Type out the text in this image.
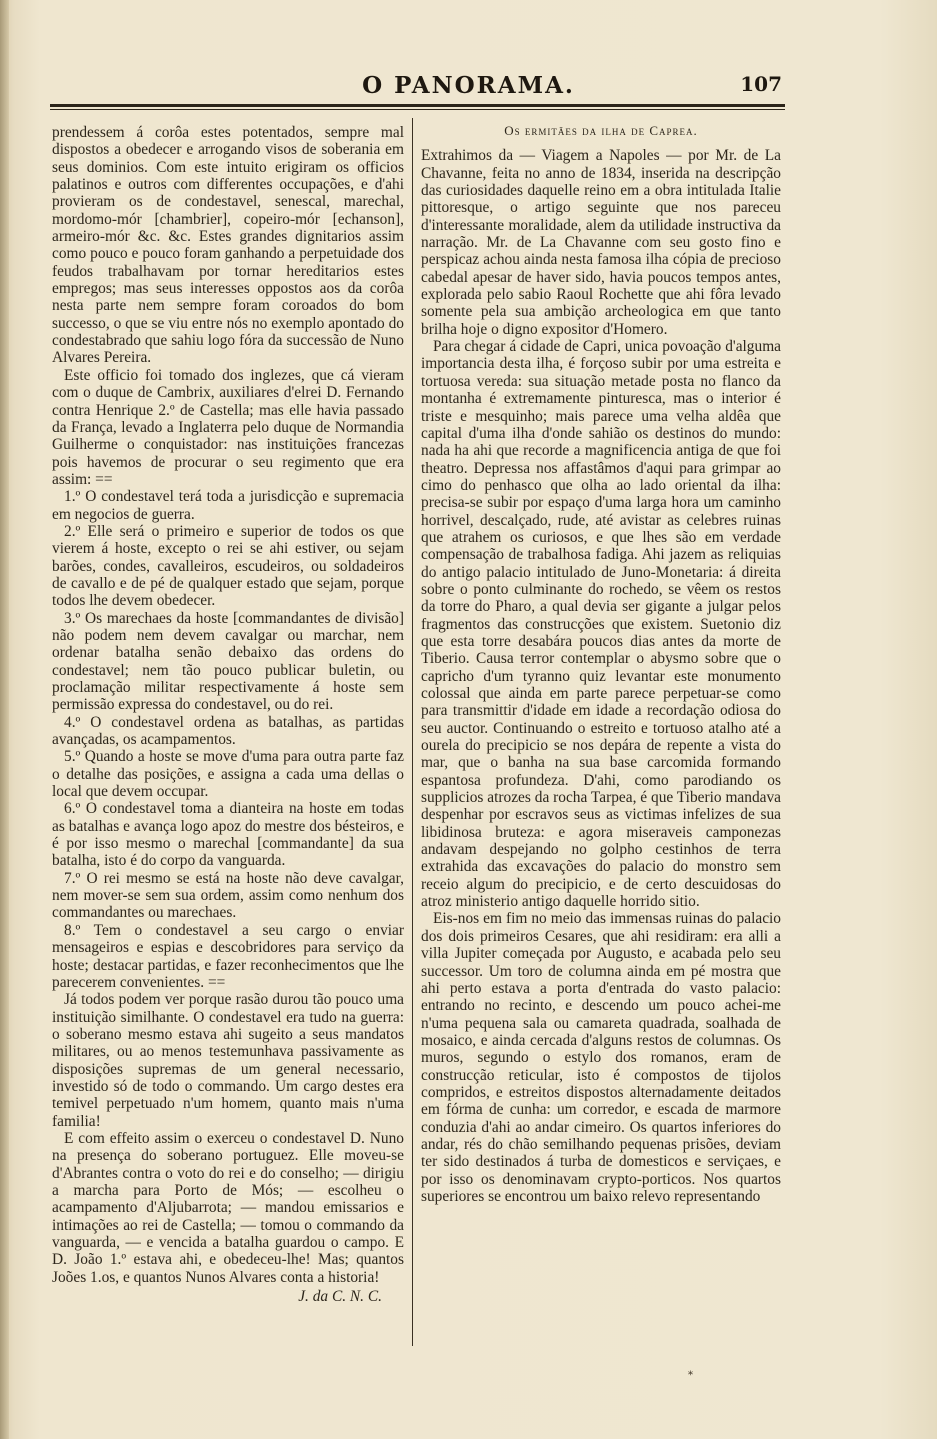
O PANORAMA.	107

prendessem á corôa estes potentados, sempre mal dispostos a obedecer e arrogando visos de soberania em seus dominios. Com este intuito erigiram os officios palatinos e outros com differentes occupações, e d'ahi provieram os de condestavel, senescal, marechal, mordomo-mór [chambrier], copeiro-mór [echanson], armeiro-mór &c. &c. Estes grandes dignitarios assim como pouco e pouco foram ganhando a perpetuidade dos feudos trabalhavam por tornar hereditarios estes empregos; mas seus interesses oppostos aos da corôa nesta parte nem sempre foram coroados do bom successo, o que se viu entre nós no exemplo apontado do condestabrado que sahiu logo fóra da successão de Nuno Alvares Pereira.

Este officio foi tomado dos inglezes, que cá vieram com o duque de Cambrix, auxiliares d'elrei D. Fernando contra Henrique 2.º de Castella; mas elle havia passado da França, levado a Inglaterra pelo duque de Normandia Guilherme o conquistador: nas instituições francezas pois havemos de procurar o seu regimento que era assim: ==

1.º O condestavel terá toda a jurisdicção e supremacia em negocios de guerra.

2.º Elle será o primeiro e superior de todos os que vierem á hoste, excepto o rei se ahi estiver, ou sejam barões, condes, cavalleiros, escudeiros, ou soldadeiros de cavallo e de pé de qualquer estado que sejam, porque todos lhe devem obedecer.

3.º Os marechaes da hoste [commandantes de divisão] não podem nem devem cavalgar ou marchar, nem ordenar batalha senão debaixo das ordens do condestavel; nem tão pouco publicar buletin, ou proclamação militar respectivamente á hoste sem permissão expressa do condestavel, ou do rei.

4.º O condestavel ordena as batalhas, as partidas avançadas, os acampamentos.

5.º Quando a hoste se move d'uma para outra parte faz o detalhe das posições, e assigna a cada uma dellas o local que devem occupar.

6.º O condestavel toma a dianteira na hoste em todas as batalhas e avança logo apoz do mestre dos bésteiros, e é por isso mesmo o marechal [commandante] da sua batalha, isto é do corpo da vanguarda.

7.º O rei mesmo se está na hoste não deve cavalgar, nem mover-se sem sua ordem, assim como nenhum dos commandantes ou marechaes.

8.º Tem o condestavel a seu cargo o enviar mensageiros e espias e descobridores para serviço da hoste; destacar partidas, e fazer reconhecimentos que lhe parecerem convenientes. ==

Já todos podem ver porque rasão durou tão pouco uma instituição similhante. O condestavel era tudo na guerra: o soberano mesmo estava ahi sugeito a seus mandatos militares, ou ao menos testemunhava passivamente as disposições supremas de um general necessario, investido só de todo o commando. Um cargo destes era temivel perpetuado n'um homem, quanto mais n'uma familia!

E com effeito assim o exerceu o condestavel D. Nuno na presença do soberano portuguez. Elle moveu-se d'Abrantes contra o voto do rei e do conselho; — dirigiu a marcha para Porto de Mós; — escolheu o acampamento d'Aljubarrota; — mandou emissarios e intimações ao rei de Castella; — tomou o commando da vanguarda, — e vencida a batalha guardou o campo. E D. João 1.º estava ahi, e obedeceu-lhe! Mas; quantos Joões 1.os, e quantos Nunos Alvares conta a historia!

J. da C. N. C.
Os ermitães da ilha de Caprea.

Extrahimos da — Viagem a Napoles — por Mr. de La Chavanne, feita no anno de 1834, inserida na descripção das curiosidades daquelle reino em a obra intitulada Italie pittoresque, o artigo seguinte que nos pareceu d'interessante moralidade, alem da utilidade instructiva da narração. Mr. de La Chavanne com seu gosto fino e perspicaz achou ainda nesta famosa ilha cópia de precioso cabedal apesar de haver sido, havia poucos tempos antes, explorada pelo sabio Raoul Rochette que ahi fôra levado somente pela sua ambição archeologica em que tanto brilha hoje o digno expositor d'Homero.

Para chegar á cidade de Capri, unica povoação d'alguma importancia desta ilha, é forçoso subir por uma estreita e tortuosa vereda: sua situação metade posta no flanco da montanha é extremamente pinturesca, mas o interior é triste e mesquinho; mais parece uma velha aldêa que capital d'uma ilha d'onde sahião os destinos do mundo: nada ha ahi que recorde a magnificencia antiga de que foi theatro. Depressa nos affastâmos d'aqui para grimpar ao cimo do penhasco que olha ao lado oriental da ilha: precisa-se subir por espaço d'uma larga hora um caminho horrivel, descalçado, rude, até avistar as celebres ruinas que atrahem os curiosos, e que lhes são em verdade compensação de trabalhosa fadiga. Ahi jazem as reliquias do antigo palacio intitulado de Juno-Monetaria: á direita sobre o ponto culminante do rochedo, se vêem os restos da torre do Pharo, a qual devia ser gigante a julgar pelos fragmentos das construcções que existem. Suetonio diz que esta torre desabára poucos dias antes da morte de Tiberio. Causa terror contemplar o abysmo sobre que o capricho d'um tyranno quiz levantar este monumento colossal que ainda em parte parece perpetuar-se como para transmittir d'idade em idade a recordação odiosa do seu auctor. Continuando o estreito e tortuoso atalho até a ourela do precipicio se nos depára de repente a vista do mar, que o banha na sua base carcomida formando espantosa profundeza. D'ahi, como parodiando os supplicios atrozes da rocha Tarpea, é que Tiberio mandava despenhar por escravos seus as victimas infelizes de sua libidinosa bruteza: e agora miseraveis camponezas andavam despejando no golpho cestinhos de terra extrahida das excavações do palacio do monstro sem receio algum do precipicio, e de certo descuidosas do atroz ministerio antigo daquelle horrido sitio.

Eis-nos em fim no meio das immensas ruinas do palacio dos dois primeiros Cesares, que ahi residiram: era alli a villa Jupiter começada por Augusto, e acabada pelo seu successor. Um toro de columna ainda em pé mostra que ahi perto estava a porta d'entrada do vasto palacio: entrando no recinto, e descendo um pouco achei-me n'uma pequena sala ou camareta quadrada, soalhada de mosaico, e ainda cercada d'alguns restos de columnas. Os muros, segundo o estylo dos romanos, eram de construcção reticular, isto é compostos de tijolos compridos, e estreitos dispostos alternadamente deitados em fórma de cunha: um corredor, e escada de marmore conduzia d'ahi ao andar cimeiro. Os quartos inferiores do andar, rés do chão semilhando pequenas prisões, deviam ter sido destinados á turba de domesticos e serviçaes, e por isso os denominavam crypto-porticos. Nos quartos superiores se encontrou um baixo relevo representando

*
